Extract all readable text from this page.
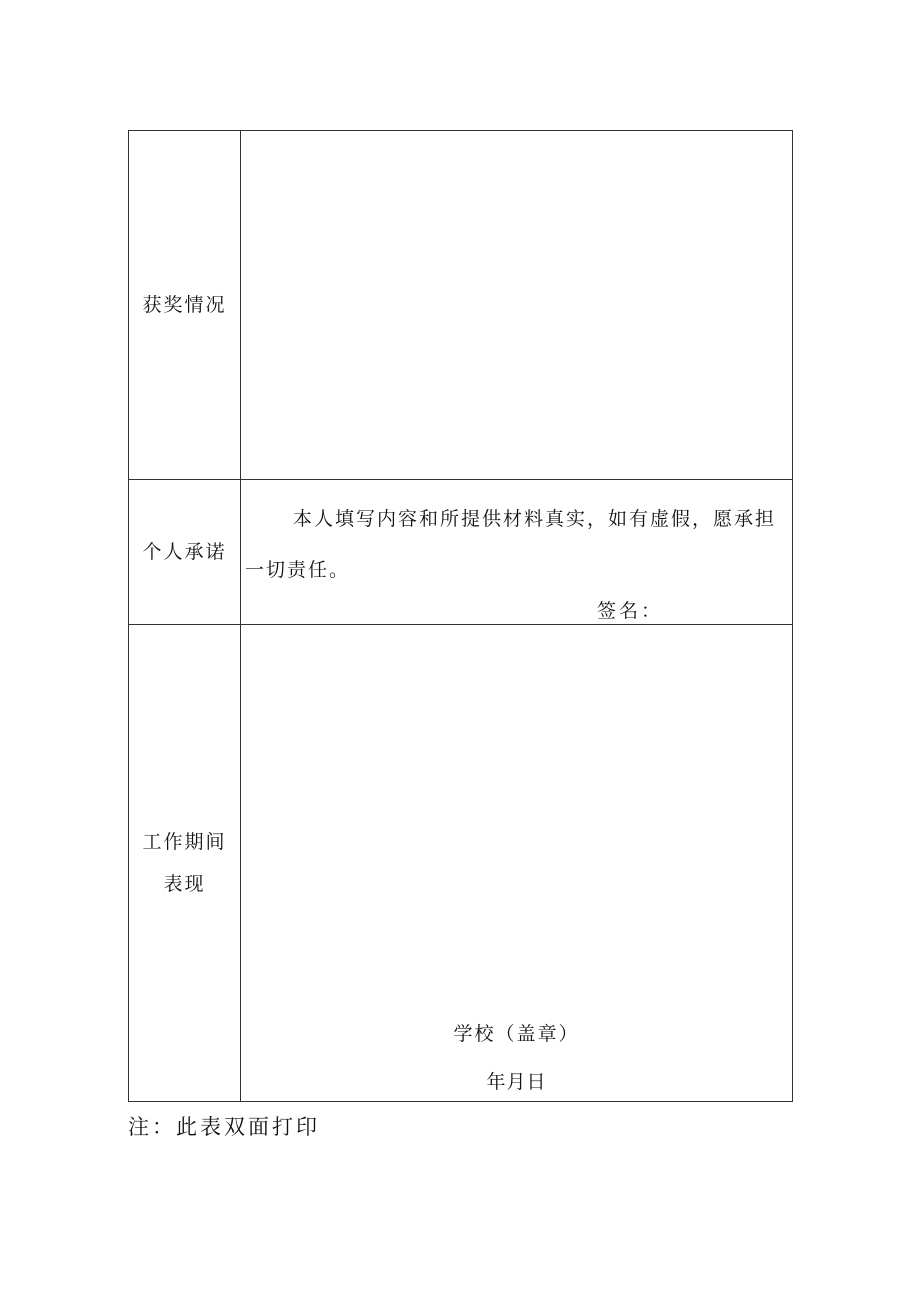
获奖情况
个人承诺

本人填写内容和所提供材料真实，如有虚假，愿承担一切责任。

签名：
工作期间表现
学校（盖章）
年月日
注：此表双面打印
